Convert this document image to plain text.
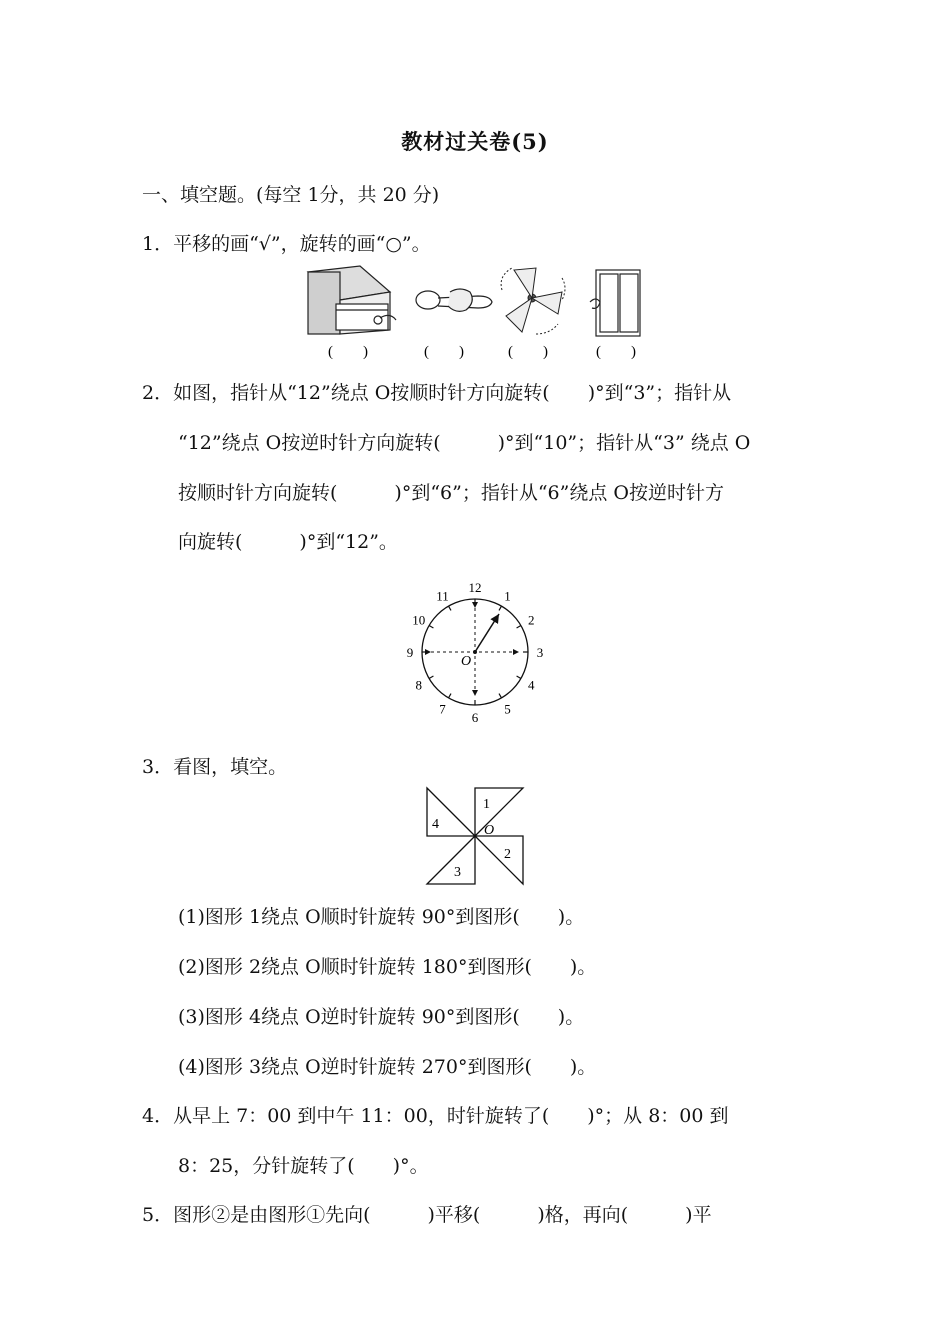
教材过关卷(5)
一、填空题。(每空 1分，共 20 分)
1．平移的画“√”，旋转的画“○”。
(　　)	(　　)	(　　)	(　　)
2．如图，指针从“12”绕点 O按顺时针方向旋转(　　)°到“3”；指针从
“12”绕点 O按逆时针方向旋转(　　　)°到“10”；指针从“3” 绕点 O
按顺时针方向旋转(　　　)°到“6”；指针从“6”绕点 O按逆时针方
向旋转(　　　)°到“12”。
O
12
1
2
3
4
5
6
7
8
9
10
11
3．看图，填空。
1
2
3
4	O
(1)图形 1绕点 O顺时针旋转 90°到图形(　　)。
(2)图形 2绕点 O顺时针旋转 180°到图形(　　)。
(3)图形 4绕点 O逆时针旋转 90°到图形(　　)。
(4)图形 3绕点 O逆时针旋转 270°到图形(　　)。
4．从早上 7：00 到中午 11：00，时针旋转了(　　)°；从 8：00 到
8：25，分针旋转了(　　)°。
5．图形②是由图形①先向(　　　)平移(　　　)格，再向(　　　)平
